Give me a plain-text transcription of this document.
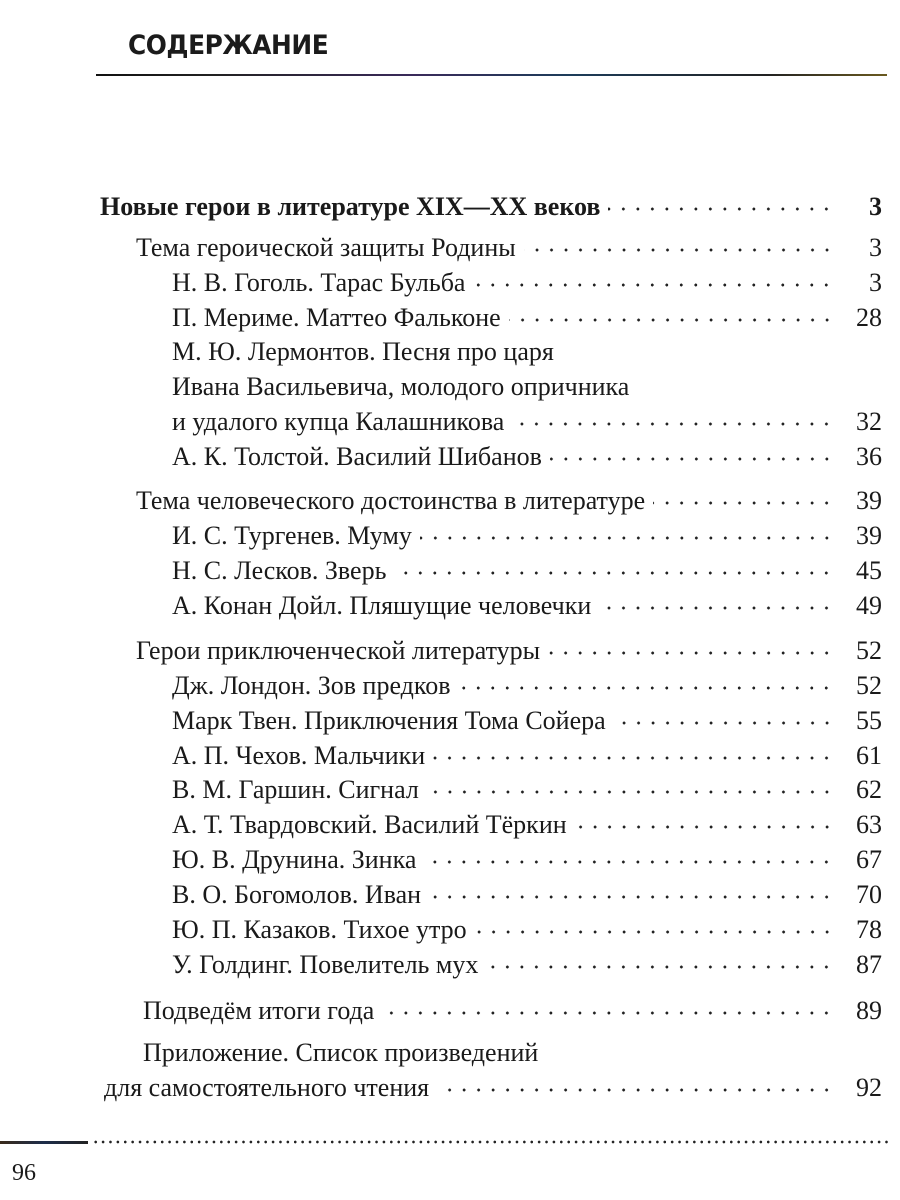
СОДЕРЖАНИЕ
Новые герои в литературе XIX—XX веков	3
Тема героической защиты Родины	3
Н. В. Гоголь. Тарас Бульба	3
П. Мериме. Маттео Фальконе	28
М. Ю. Лермонтов. Песня про царя
Ивана Васильевича, молодого опричника
и удалого купца Калашникова	32
А. К. Толстой. Василий Шибанов	36
Тема человеческого достоинства в литературе	39
И. С. Тургенев. Муму	39
Н. С. Лесков. Зверь	45
А. Конан Дойл. Пляшущие человечки	49
Герои приключенческой литературы	52
Дж. Лондон. Зов предков	52
Марк Твен. Приключения Тома Сойера	55
А. П. Чехов. Мальчики	61
В. М. Гаршин. Сигнал	62
А. Т. Твардовский. Василий Тёркин	63
Ю. В. Друнина. Зинка	67
В. О. Богомолов. Иван	70
Ю. П. Казаков. Тихое утро	78
У. Голдинг. Повелитель мух	87
Подведём итоги года	89
Приложение. Список произведений
для самостоятельного чтения	92
96
